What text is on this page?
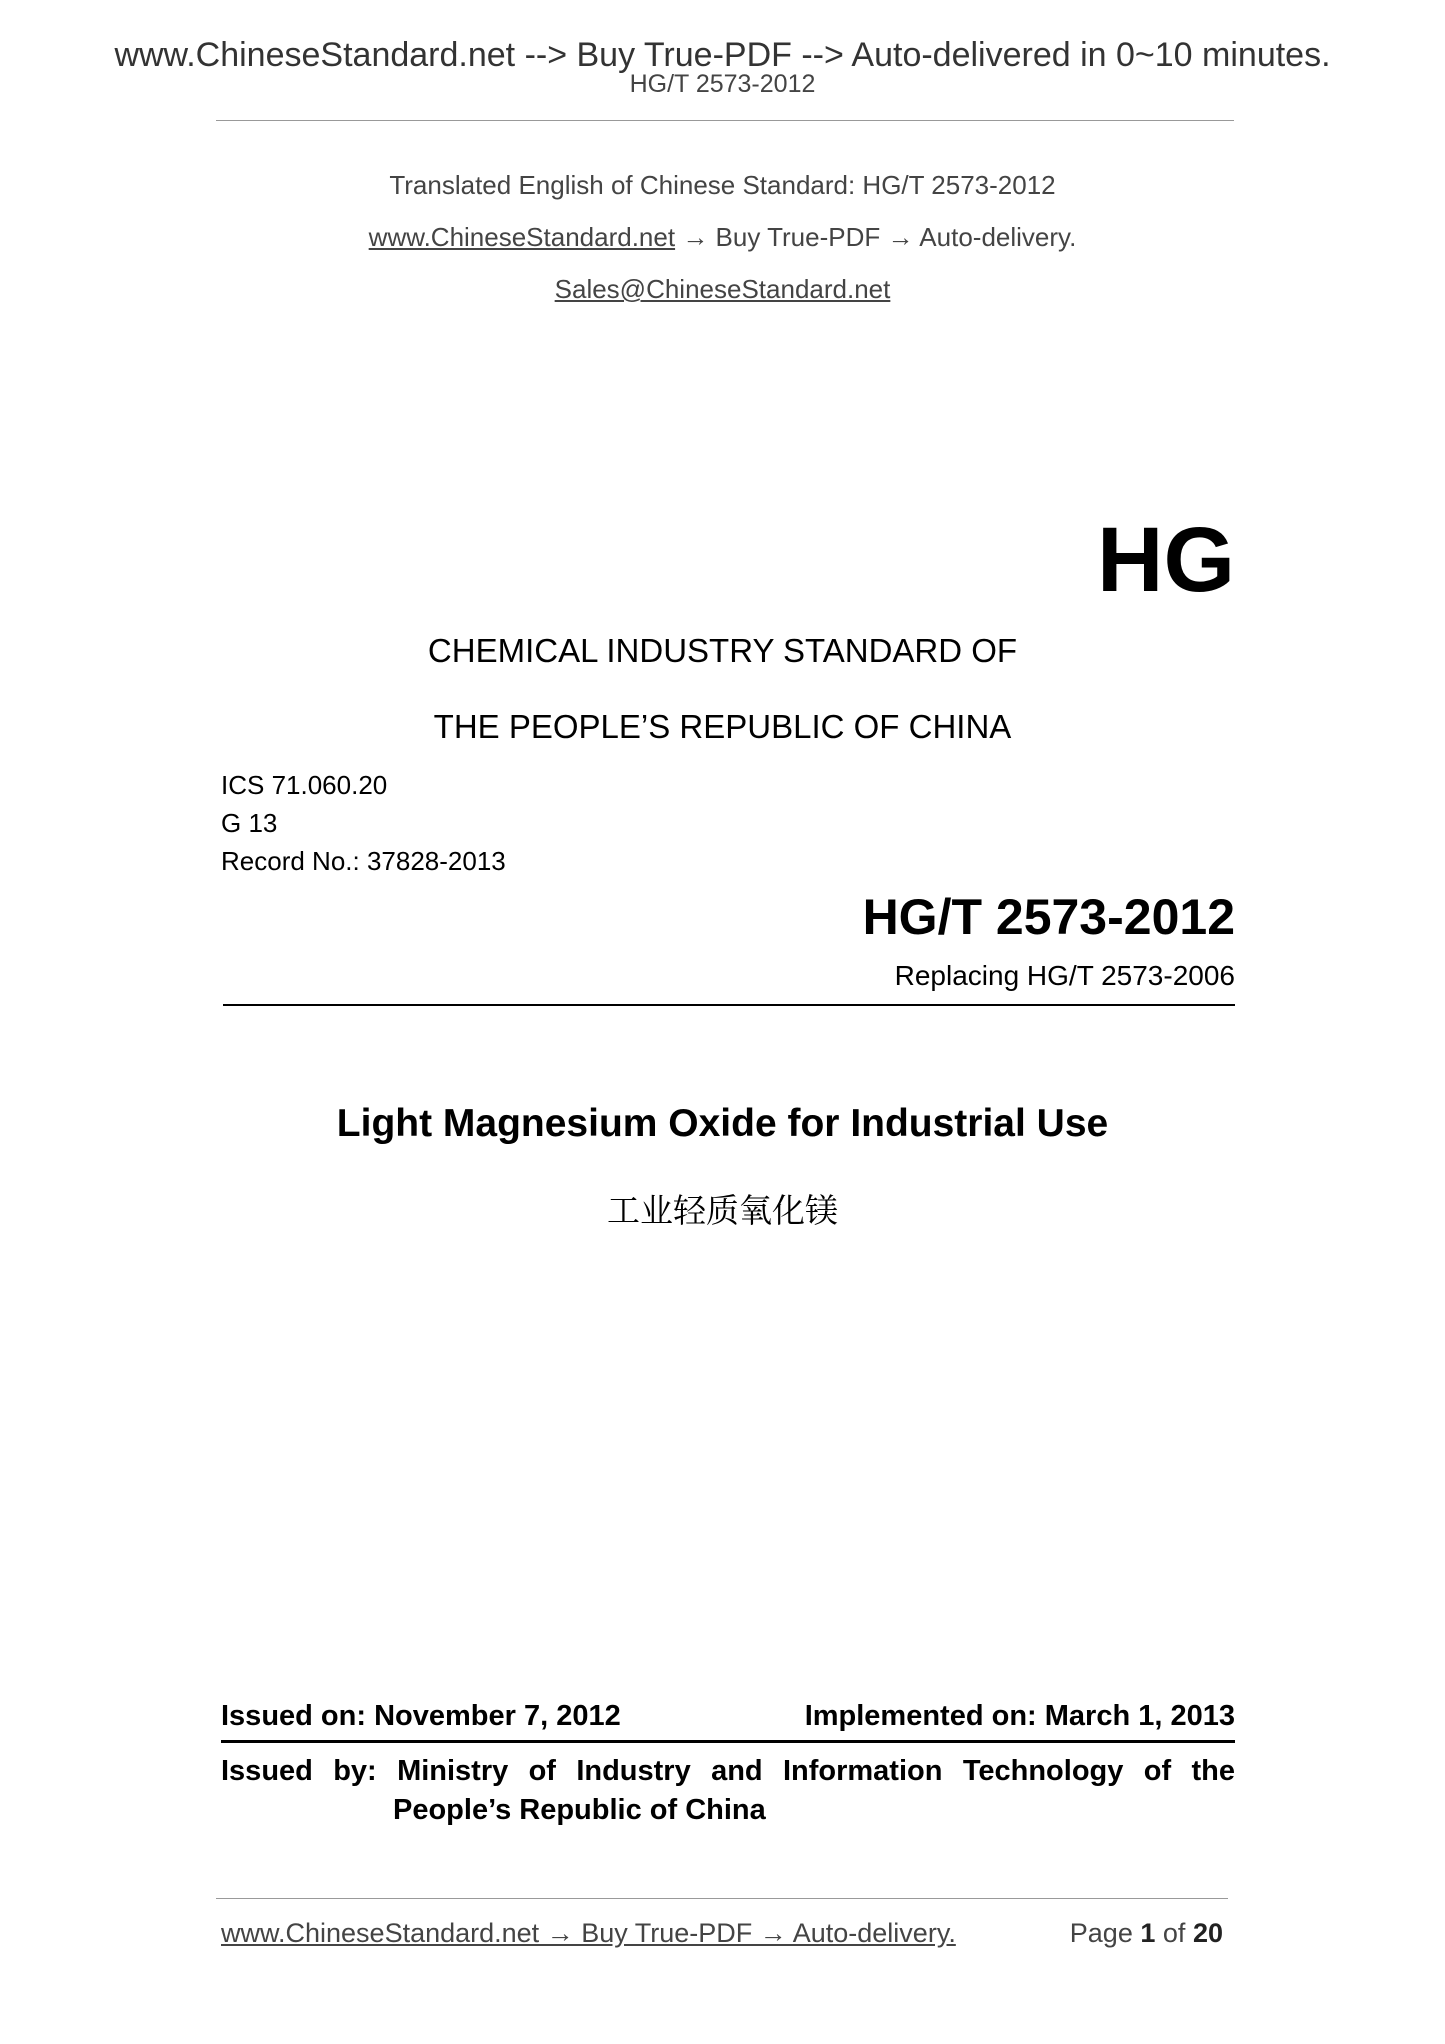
www.ChineseStandard.net --> Buy True-PDF --> Auto-delivered in 0~10 minutes.
HG/T 2573-2012
Translated English of Chinese Standard: HG/T 2573-2012
www.ChineseStandard.net → Buy True-PDF → Auto-delivery.
Sales@ChineseStandard.net
HG
CHEMICAL INDUSTRY STANDARD OF
THE PEOPLE’S REPUBLIC OF CHINA
ICS 71.060.20
G 13
Record No.: 37828-2013
HG/T 2573-2012
Replacing HG/T 2573-2006
Light Magnesium Oxide for Industrial Use
工业轻质氧化镁
Issued on: November 7, 2012	Implemented on: March 1, 2013
Issued by: Ministry of Industry and Information Technology of the
People’s Republic of China
www.ChineseStandard.net → Buy True-PDF → Auto-delivery.	Page 1 of 20
